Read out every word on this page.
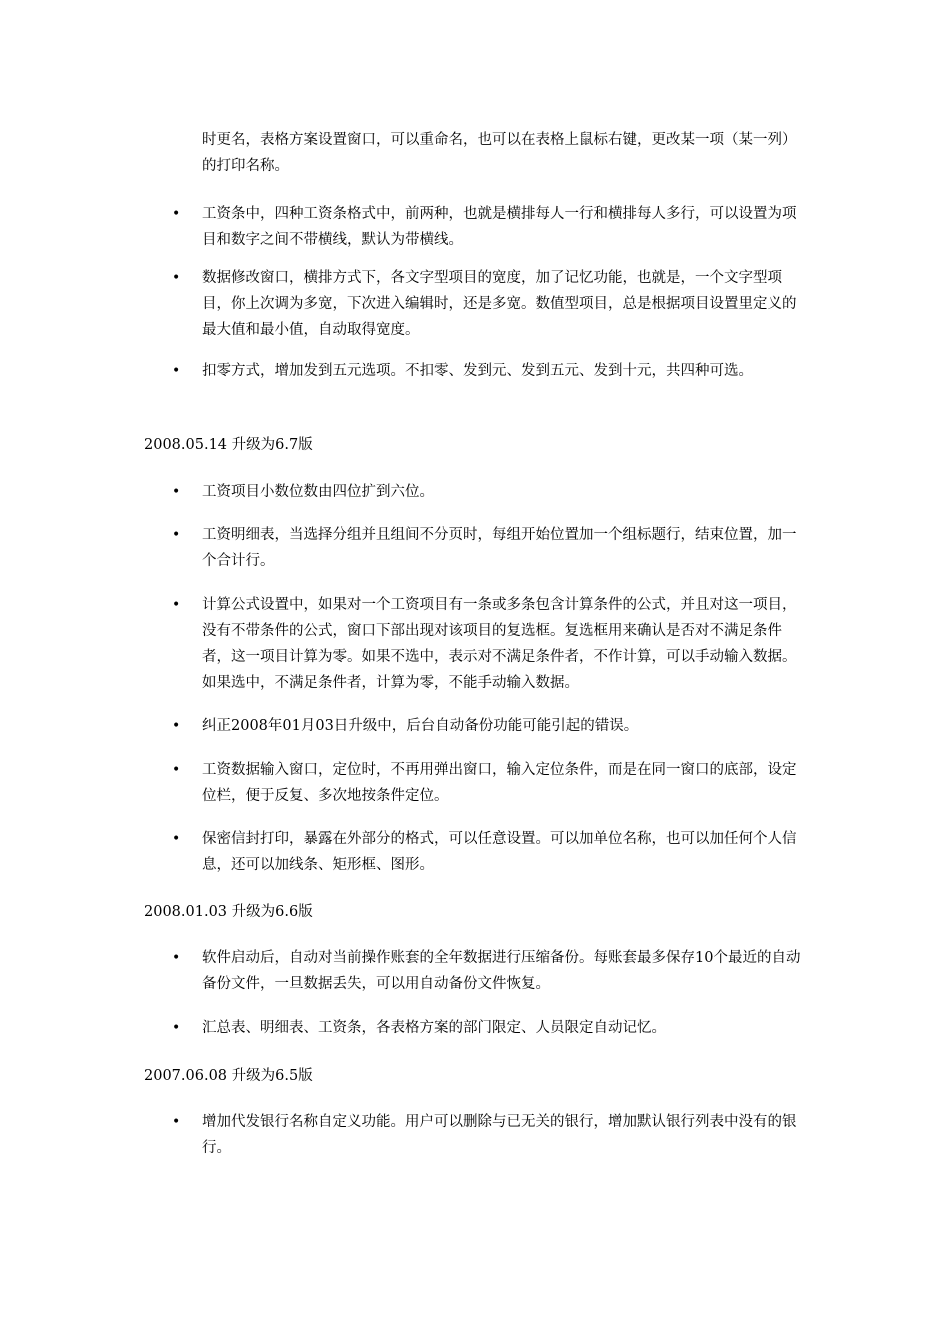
时更名，表格方案设置窗口，可以重命名，也可以在表格上鼠标右键，更改某一项（某一列）的打印名称。
•	工资条中，四种工资条格式中，前两种，也就是横排每人一行和横排每人多行，可以设置为项目和数字之间不带横线，默认为带横线。
•	数据修改窗口，横排方式下，各文字型项目的宽度，加了记忆功能，也就是，一个文字型项目，你上次调为多宽，下次进入编辑时，还是多宽。数值型项目，总是根据项目设置里定义的最大值和最小值，自动取得宽度。
•	扣零方式，增加发到五元选项。不扣零、发到元、发到五元、发到十元，共四种可选。
2008.05.14 升级为6.7版
•	工资项目小数位数由四位扩到六位。
•	工资明细表，当选择分组并且组间不分页时，每组开始位置加一个组标题行，结束位置，加一个合计行。
•	计算公式设置中，如果对一个工资项目有一条或多条包含计算条件的公式，并且对这一项目，没有不带条件的公式，窗口下部出现对该项目的复选框。复选框用来确认是否对不满足条件者，这一项目计算为零。如果不选中，表示对不满足条件者，不作计算，可以手动输入数据。如果选中，不满足条件者，计算为零，不能手动输入数据。
•	纠正2008年01月03日升级中，后台自动备份功能可能引起的错误。
•	工资数据输入窗口，定位时，不再用弹出窗口，输入定位条件，而是在同一窗口的底部，设定位栏，便于反复、多次地按条件定位。
•	保密信封打印，暴露在外部分的格式，可以任意设置。可以加单位名称，也可以加任何个人信息，还可以加线条、矩形框、图形。
2008.01.03 升级为6.6版
•	软件启动后，自动对当前操作账套的全年数据进行压缩备份。每账套最多保存10个最近的自动备份文件，一旦数据丢失，可以用自动备份文件恢复。
•	汇总表、明细表、工资条，各表格方案的部门限定、人员限定自动记忆。
2007.06.08 升级为6.5版
•	增加代发银行名称自定义功能。用户可以删除与已无关的银行，增加默认银行列表中没有的银行。
